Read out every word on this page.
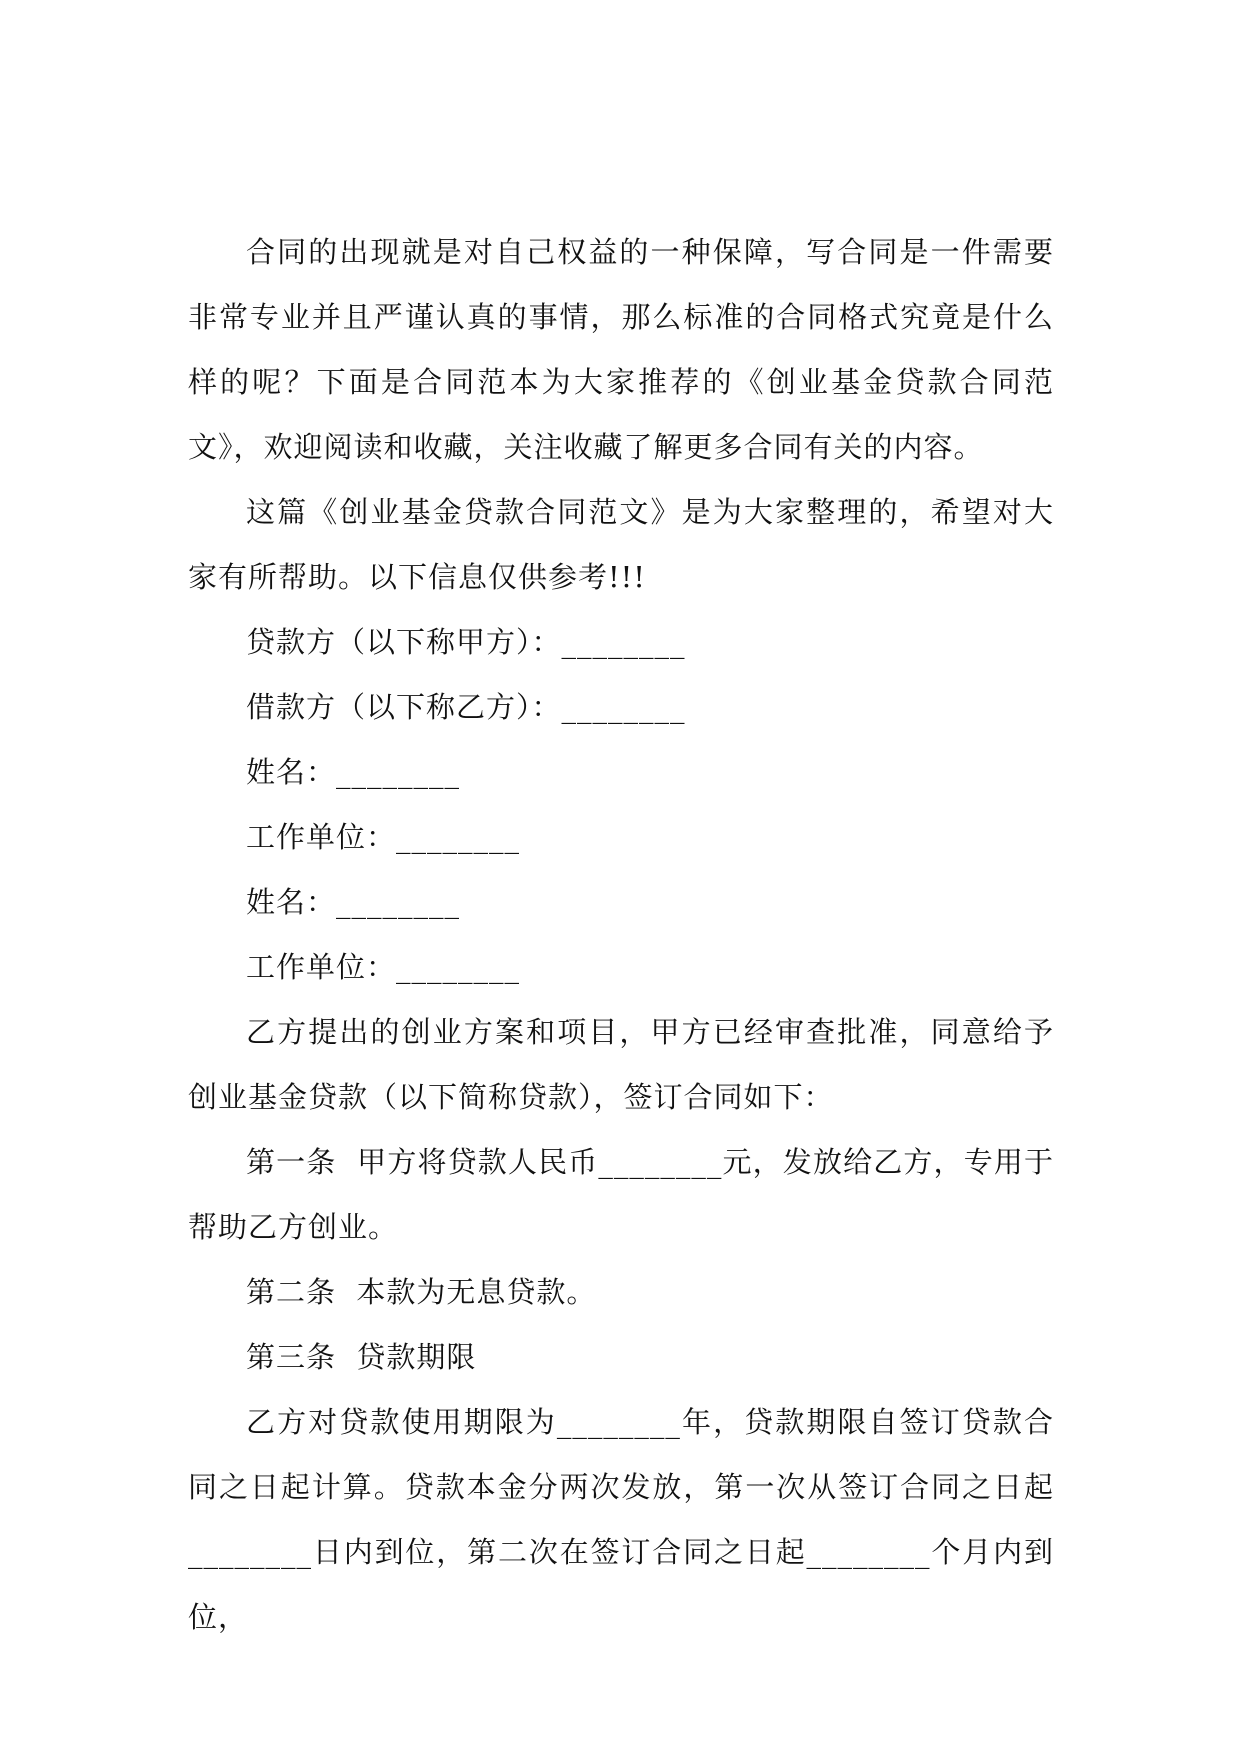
合同的出现就是对自己权益的一种保障，写合同是一件需要非常专业并且严谨认真的事情，那么标准的合同格式究竟是什么样的呢？下面是合同范本为大家推荐的《创业基金贷款合同范文》，欢迎阅读和收藏，关注收藏了解更多合同有关的内容。

这篇《创业基金贷款合同范文》是为大家整理的，希望对大家有所帮助。以下信息仅供参考!!!

贷款方（以下称甲方）：________

借款方（以下称乙方）：________

姓名：________

工作单位：________

姓名：________

工作单位：________

乙方提出的创业方案和项目，甲方已经审查批准，同意给予创业基金贷款（以下简称贷款），签订合同如下：

第一条  甲方将贷款人民币________元，发放给乙方，专用于帮助乙方创业。

第二条  本款为无息贷款。

第三条  贷款期限

乙方对贷款使用期限为________年，贷款期限自签订贷款合同之日起计算。贷款本金分两次发放，第一次从签订合同之日起________日内到位，第二次在签订合同之日起________个月内到位，
